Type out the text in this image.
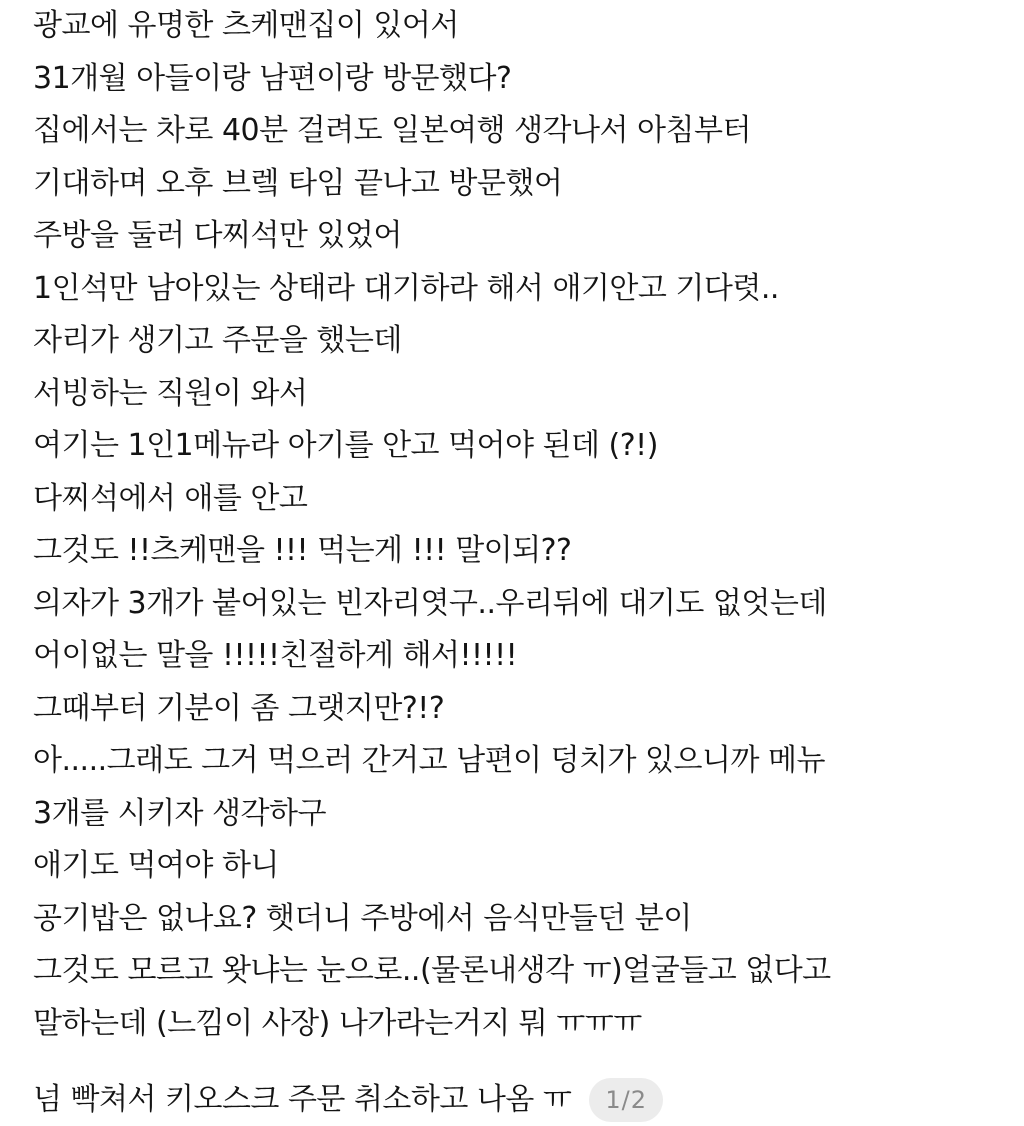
광교에 유명한 츠케맨집이 있어서
31개월 아들이랑 남편이랑 방문했다?
집에서는 차로 40분 걸려도 일본여행 생각나서 아침부터
기대하며 오후 브렠 타임 끝나고 방문했어
주방을 둘러 다찌석만 있었어
1인석만 남아있는 상태라 대기하라 해서 애기안고 기다렷..
자리가 생기고 주문을 했는데
서빙하는 직원이 와서
여기는 1인1메뉴라 아기를 안고 먹어야 된데 (?!)
다찌석에서 애를 안고
그것도 !!츠케맨을 !!! 먹는게 !!! 말이되??
의자가 3개가 붙어있는 빈자리엿구..우리뒤에 대기도 없엇는데
어이없는 말을 !!!!!친절하게 해서!!!!!
그때부터 기분이 좀 그랫지만?!?
아.....그래도 그거 먹으러 간거고 남편이 덩치가 있으니까 메뉴
3개를 시키자 생각하구
애기도 먹여야 하니
공기밥은 없나요? 햇더니 주방에서 음식만들던 분이
그것도 모르고 왓냐는 눈으로..(물론내생각 ㅠ)얼굴들고 없다고
말하는데 (느낌이 사장) 나가라는거지 뭐 ㅠㅠㅠ
넘 빡쳐서 키오스크 주문 취소하고 나옴 ㅠ	1/2
